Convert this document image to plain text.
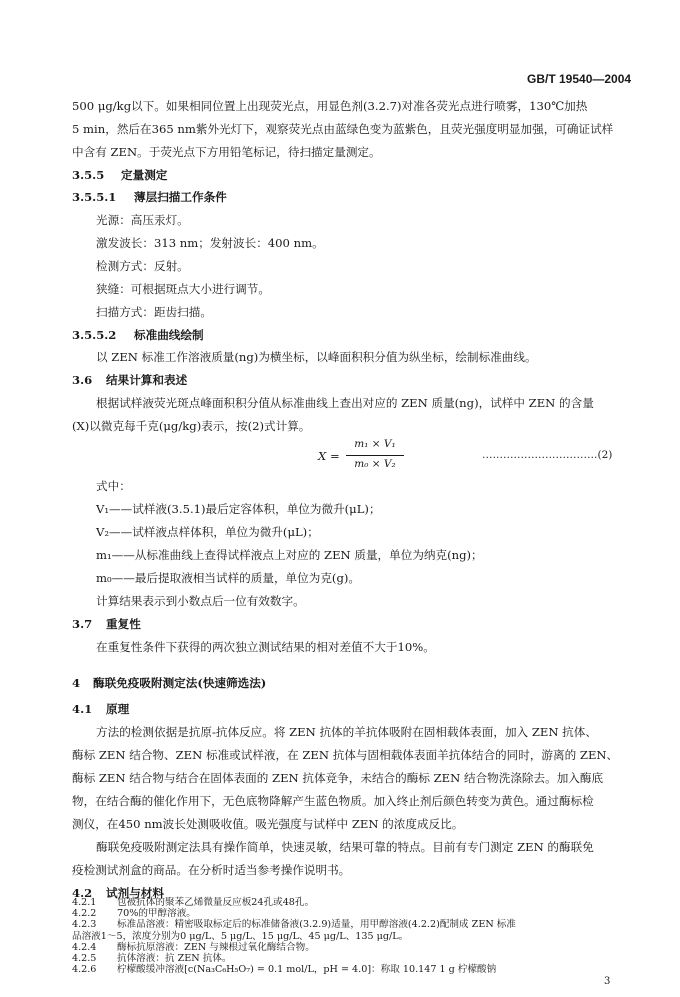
GB/T 19540—2004
500 μg/kg以下。如果相同位置上出现荧光点，用显色剂(3.2.7)对准各荧光点进行喷雾，130℃加热
5 min，然后在365 nm紫外光灯下，观察荧光点由蓝绿色变为蓝紫色，且荧光强度明显加强，可确证试样
中含有 ZEN。于荧光点下方用铅笔标记，待扫描定量测定。
3.5.5 定量测定
3.5.5.1 薄层扫描工作条件
光源：高压汞灯。
激发波长：313 nm；发射波长：400 nm。
检测方式：反射。
狭缝：可根据斑点大小进行调节。
扫描方式：距齿扫描。
3.5.5.2 标准曲线绘制
以 ZEN 标准工作溶液质量(ng)为横坐标，以峰面积积分值为纵坐标，绘制标准曲线。
3.6 结果计算和表述
根据试样液荧光斑点峰面积积分值从标准曲线上查出对应的 ZEN 质量(ng)，试样中 ZEN 的含量
(X)以微克每千克(μg/kg)表示，按(2)式计算。
X =
m₁ × V₁
m₀ × V₂
……………………………(2)
式中：
V₁——试样液(3.5.1)最后定容体积，单位为微升(μL)；
V₂——试样液点样体积，单位为微升(μL)；
m₁——从标准曲线上查得试样液点上对应的 ZEN 质量，单位为纳克(ng)；
m₀——最后提取液相当试样的质量，单位为克(g)。
计算结果表示到小数点后一位有效数字。
3.7 重复性
在重复性条件下获得的两次独立测试结果的相对差值不大于10%。
4 酶联免疫吸附测定法(快速筛选法)
4.1 原理
方法的检测依据是抗原-抗体反应。将 ZEN 抗体的羊抗体吸附在固相载体表面，加入 ZEN 抗体、
酶标 ZEN 结合物、ZEN 标准或试样液，在 ZEN 抗体与固相载体表面羊抗体结合的同时，游离的 ZEN、
酶标 ZEN 结合物与结合在固体表面的 ZEN 抗体竞争，未结合的酶标 ZEN 结合物洗涤除去。加入酶底
物，在结合酶的催化作用下，无色底物降解产生蓝色物质。加入终止剂后颜色转变为黄色。通过酶标检
测仪，在450 nm波长处测吸收值。吸光强度与试样中 ZEN 的浓度成反比。
酶联免疫吸附测定法具有操作简单，快速灵敏，结果可靠的特点。目前有专门测定 ZEN 的酶联免
疫检测试剂盒的商品。在分析时适当参考操作说明书。
4.2 试剂与材料
4.2.1 包被抗体的聚苯乙烯微量反应板24孔或48孔。
4.2.2 70%的甲醇溶液。
4.2.3 标准品溶液：精密吸取标定后的标准储备液(3.2.9)适量，用甲醇溶液(4.2.2)配制成 ZEN 标准
品溶液1～5，浓度分别为0 μg/L、5 μg/L、15 μg/L、45 μg/L、135 μg/L。
4.2.4 酶标抗原溶液：ZEN 与辣根过氧化酶结合物。
4.2.5 抗体溶液：抗 ZEN 抗体。
4.2.6 柠檬酸缓冲溶液[c(Na₃C₆H₅O₇) = 0.1 mol/L，pH = 4.0]：称取 10.147 1 g 柠檬酸钠
3
